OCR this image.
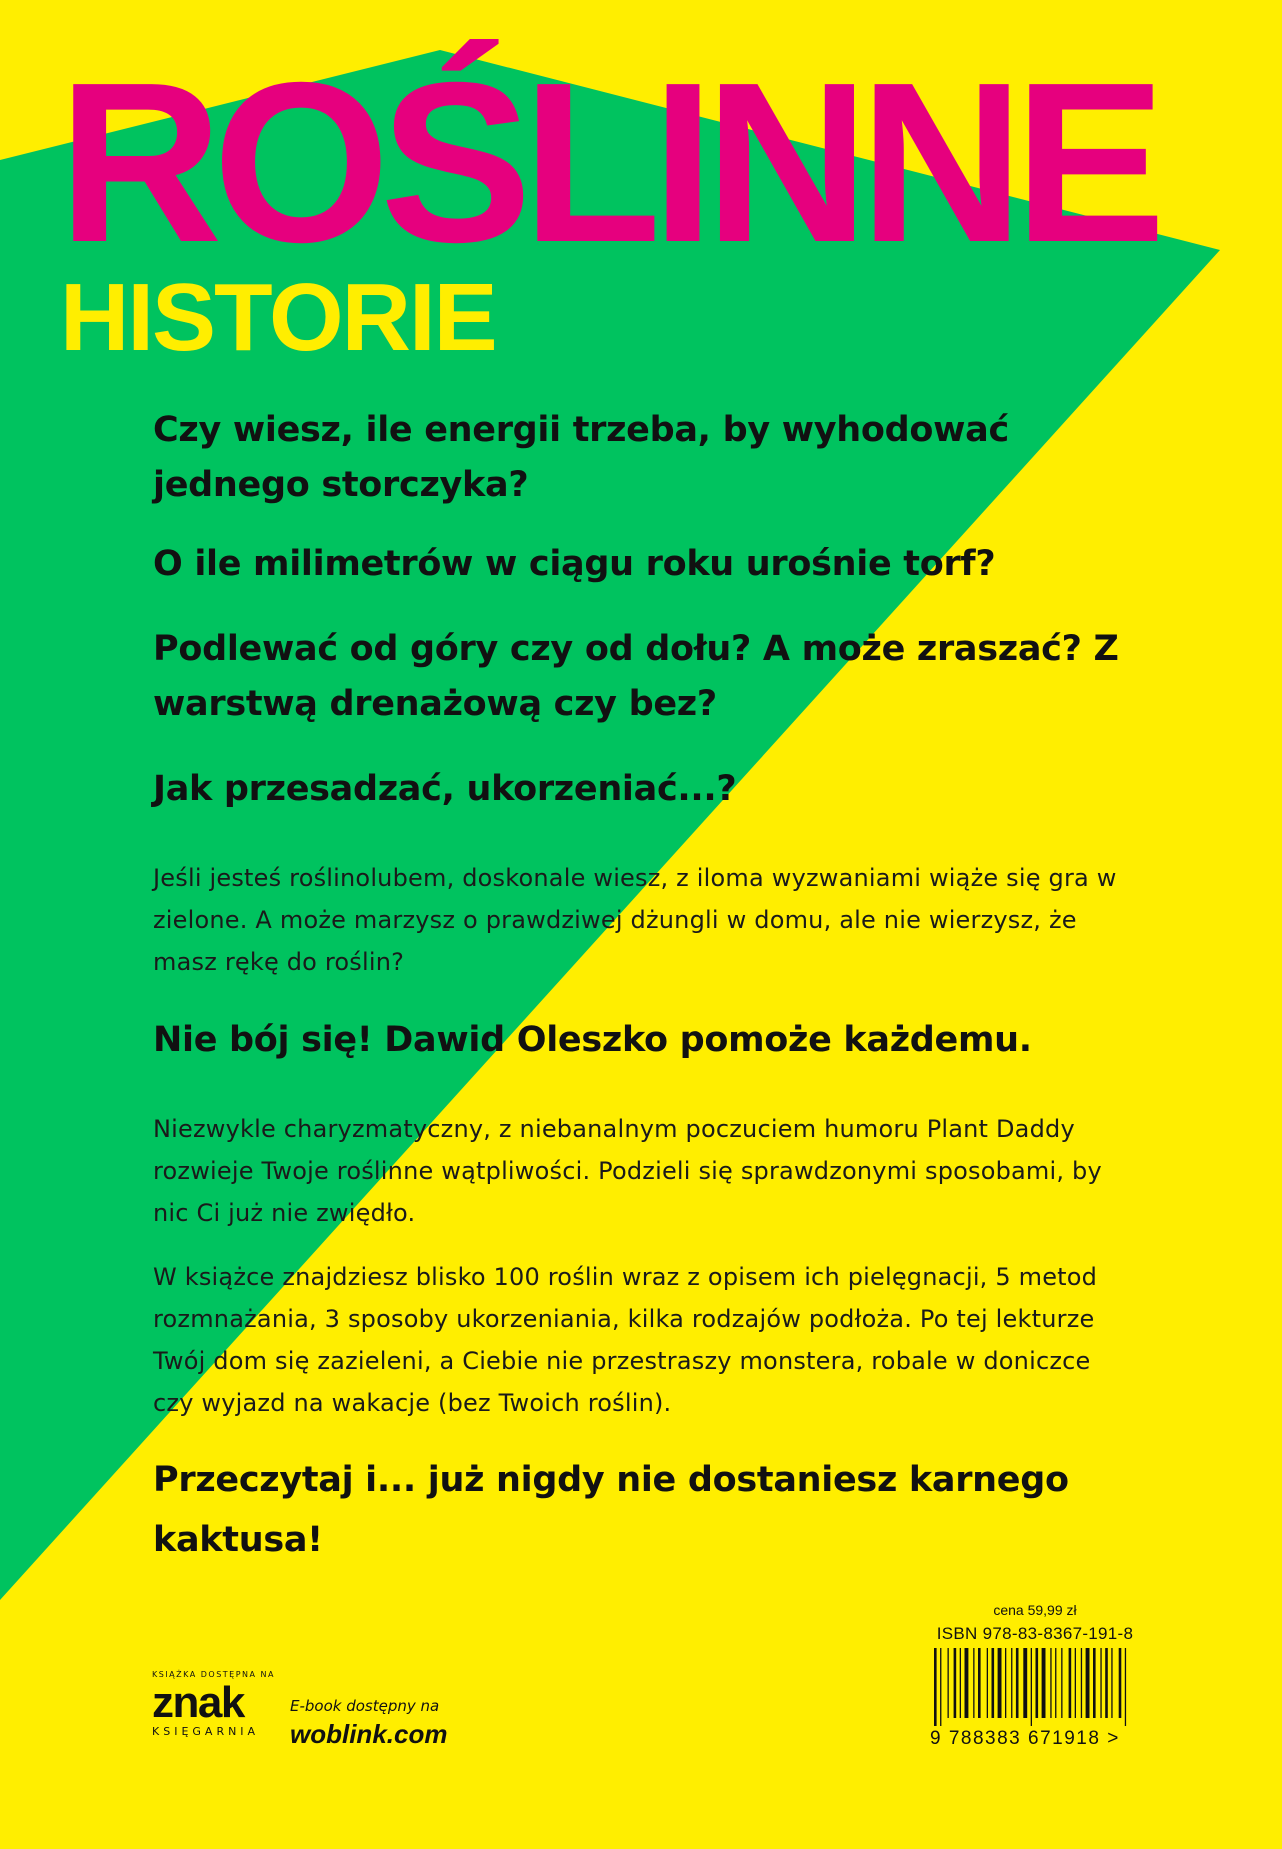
ROŚLINNE
HISTORIE

Czy wiesz, ile energii trzeba, by wyhodować jednego storczyka?

O ile milimetrów w ciągu roku urośnie torf?

Podlewać od góry czy od dołu? A może zraszać? Z warstwą drenażową czy bez?

Jak przesadzać, ukorzeniać...?

Jeśli jesteś roślinolubem, doskonale wiesz, z iloma wyzwaniami wiąże się gra w zielone. A może marzysz o prawdziwej dżungli w domu, ale nie wierzysz, że masz rękę do roślin?

Nie bój się! Dawid Oleszko pomoże każdemu.

Niezwykle charyzmatyczny, z niebanalnym poczuciem humoru Plant Daddy rozwieje Twoje roślinne wątpliwości. Podzieli się sprawdzonymi sposobami, by nic Ci już nie zwiędło.

W książce znajdziesz blisko 100 roślin wraz z opisem ich pielęgnacji, 5 metod rozmnażania, 3 sposoby ukorzeniania, kilka rodzajów podłoża. Po tej lekturze Twój dom się zazieleni, a Ciebie nie przestraszy monstera, robale w doniczce czy wyjazd na wakacje (bez Twoich roślin).

Przeczytaj i... już nigdy nie dostaniesz karnego kaktusa!

KSIĄŻKA DOSTĘPNA NA
znak
KSIĘGARNIA
E-book dostępny na
woblink.com
cena 59,99 zł
ISBN 978-83-8367-191-8
9 788383 671918 >
